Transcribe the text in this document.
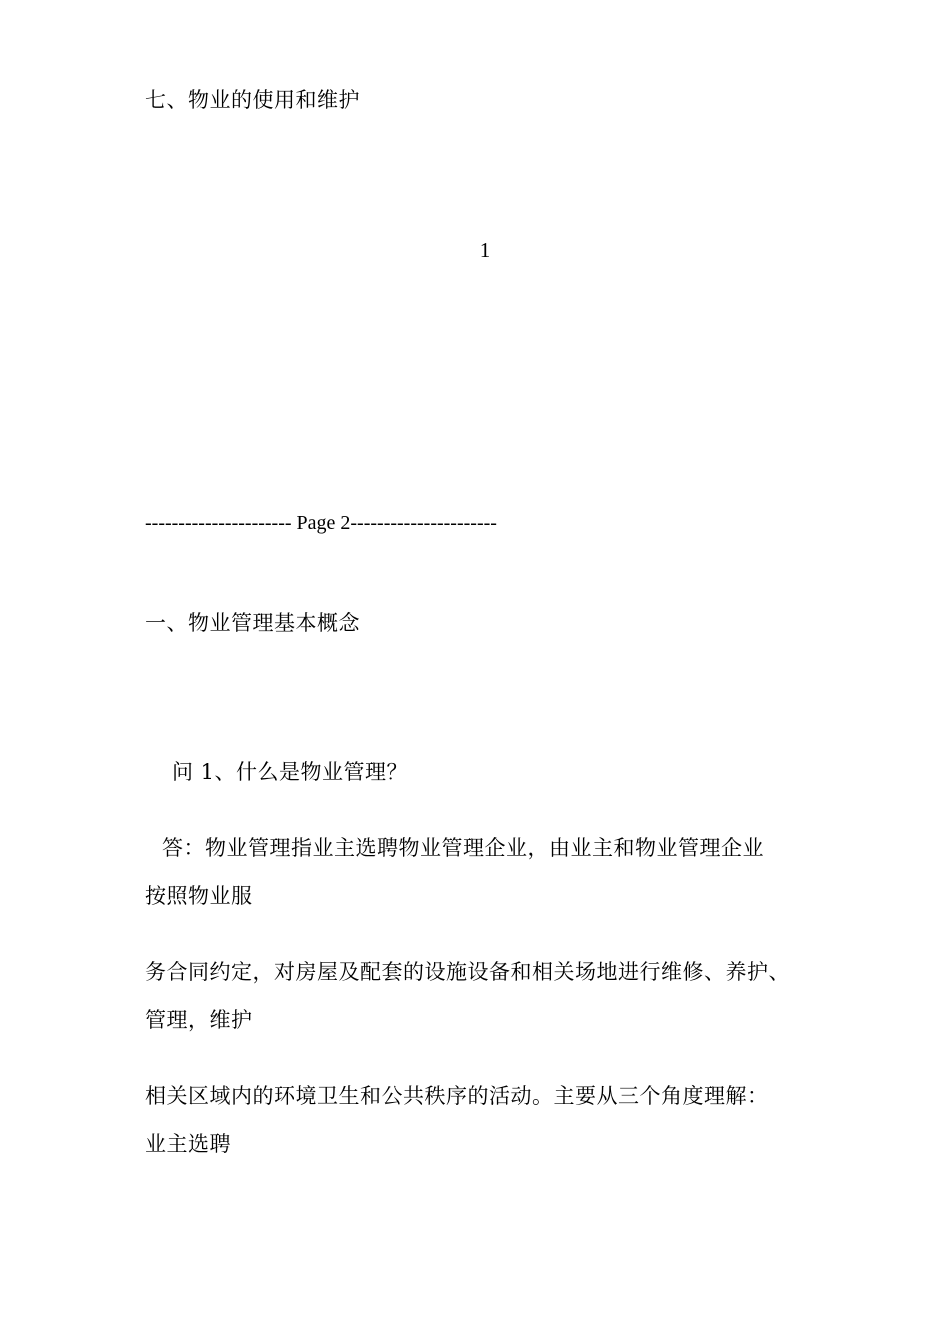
七、物业的使用和维护
1
---------------------- Page 2----------------------
一、物业管理基本概念
问 1、什么是物业管理？
答：物业管理指业主选聘物业管理企业，由业主和物业管理企业
按照物业服
务合同约定，对房屋及配套的设施设备和相关场地进行维修、养护、
管理，维护
相关区域内的环境卫生和公共秩序的活动。主要从三个角度理解：
业主选聘
